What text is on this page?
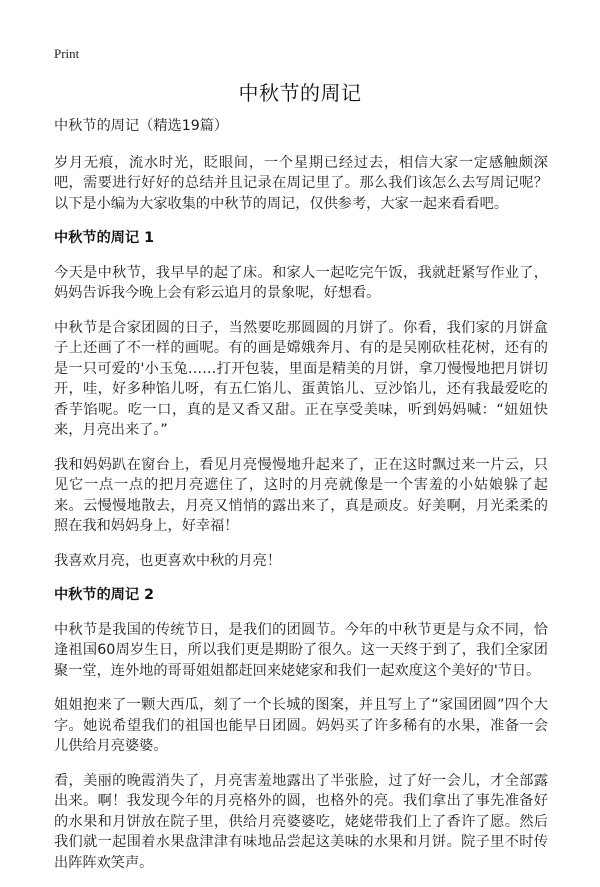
Print
中秋节的周记

中秋节的周记（精选19篇）

岁月无痕，流水时光，眨眼间，一个星期已经过去，相信大家一定感触颇深吧，需要进行好好的总结并且记录在周记里了。那么我们该怎么去写周记呢？以下是小编为大家收集的中秋节的周记，仅供参考，大家一起来看看吧。

中秋节的周记 1

今天是中秋节，我早早的起了床。和家人一起吃完午饭，我就赶紧写作业了，妈妈告诉我今晚上会有彩云追月的景象呢，好想看。

中秋节是合家团圆的日子，当然要吃那圆圆的月饼了。你看，我们家的月饼盒子上还画了不一样的画呢。有的画是嫦娥奔月、有的是吴刚砍桂花树，还有的是一只可爱的'小玉兔……打开包装，里面是精美的月饼，拿刀慢慢地把月饼切开，哇，好多种馅儿呀，有五仁馅儿、蛋黄馅儿、豆沙馅儿，还有我最爱吃的香芋馅呢。吃一口，真的是又香又甜。正在享受美味，听到妈妈喊：“妞妞快来，月亮出来了。”

我和妈妈趴在窗台上，看见月亮慢慢地升起来了，正在这时飘过来一片云，只见它一点一点的把月亮遮住了，这时的月亮就像是一个害羞的小姑娘躲了起来。云慢慢地散去，月亮又悄悄的露出来了，真是顽皮。好美啊，月光柔柔的照在我和妈妈身上，好幸福！

我喜欢月亮，也更喜欢中秋的月亮！

中秋节的周记 2

中秋节是我国的传统节日，是我们的团圆节。今年的中秋节更是与众不同，恰逢祖国60周岁生日，所以我们更是期盼了很久。这一天终于到了，我们全家团聚一堂，连外地的哥哥姐姐都赶回来姥姥家和我们一起欢度这个美好的'节日。

姐姐抱来了一颗大西瓜，刻了一个长城的图案，并且写上了“家国团圆”四个大字。她说希望我们的祖国也能早日团圆。妈妈买了许多稀有的水果，准备一会儿供给月亮婆婆。

看，美丽的晚霞消失了，月亮害羞地露出了半张脸，过了好一会儿，才全部露出来。啊！我发现今年的月亮格外的圆，也格外的亮。我们拿出了事先准备好的水果和月饼放在院子里，供给月亮婆婆吃，姥姥带我们上了香许了愿。然后我们就一起围着水果盘津津有味地品尝起这美味的水果和月饼。院子里不时传出阵阵欢笑声。
